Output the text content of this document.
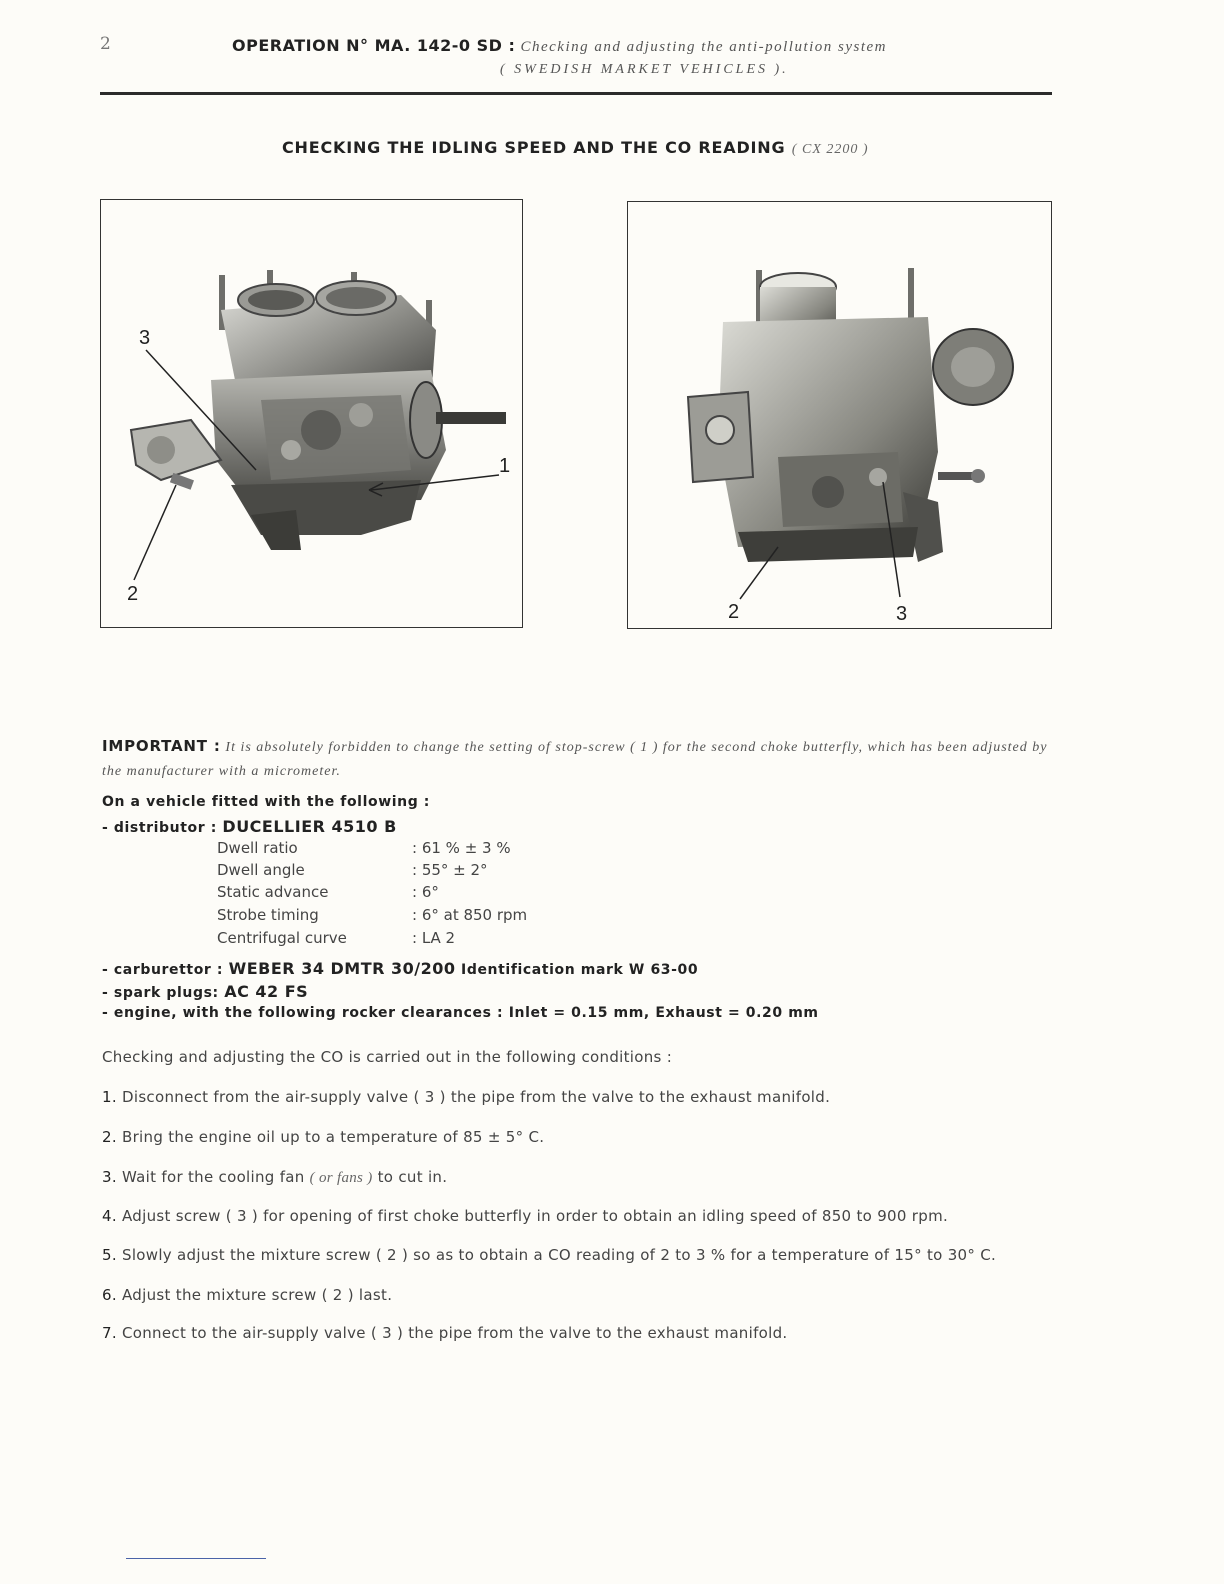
2	OPERATION N° MA. 142-0 SD : Checking and adjusting the anti-pollution system
( SWEDISH MARKET VEHICLES ).
CHECKING THE IDLING SPEED AND THE CO READING ( CX 2200 )
3
1
2
2	3
IMPORTANT : It is absolutely forbidden to change the setting of stop-screw ( 1 ) for the second choke butterfly, which has been adjusted by the manufacturer with a micrometer.
On a vehicle fitted with the following :
- distributor : DUCELLIER 4510 B
Dwell ratio	: 61 % ± 3 %
Dwell angle	: 55° ± 2°
Static advance	: 6°
Strobe timing	: 6° at 850 rpm
Centrifugal curve	: LA 2
- carburettor : WEBER 34 DMTR 30/200 Identification mark W 63-00
- spark plugs: AC 42 FS
- engine, with the following rocker clearances : Inlet = 0.15 mm, Exhaust = 0.20 mm
Checking and adjusting the CO is carried out in the following conditions :
1. Disconnect from the air-supply valve ( 3 ) the pipe from the valve to the exhaust manifold.
2. Bring the engine oil up to a temperature of 85 ± 5° C.
3. Wait for the cooling fan ( or fans ) to cut in.
4. Adjust screw ( 3 ) for opening of first choke butterfly in order to obtain an idling speed of 850 to 900 rpm.
5. Slowly adjust the mixture screw ( 2 ) so as to obtain a CO reading of 2 to 3 % for a temperature of 15° to 30° C.
6. Adjust the mixture screw ( 2 ) last.
7. Connect to the air-supply valve ( 3 ) the pipe from the valve to the exhaust manifold.
